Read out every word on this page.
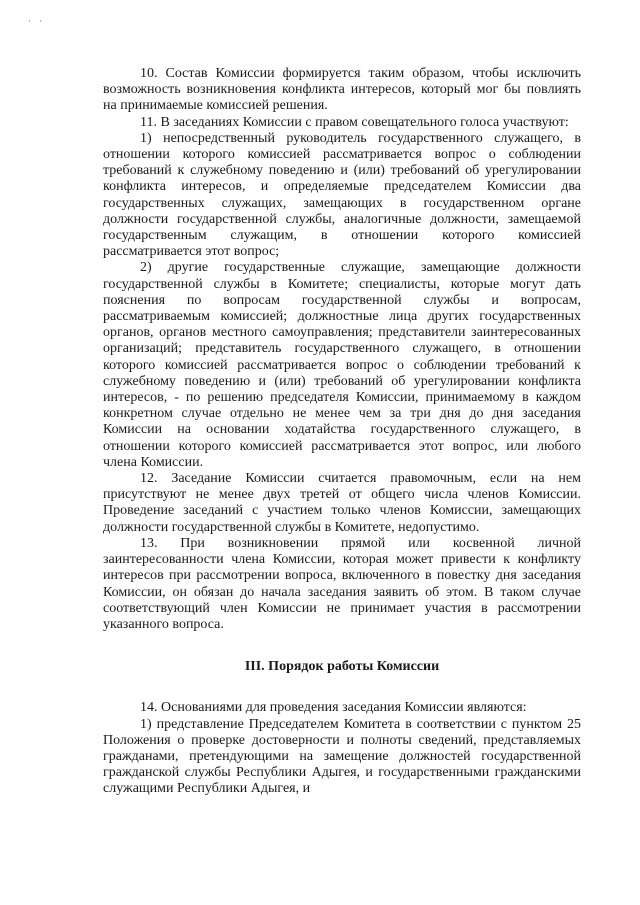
· ·

10. Состав Комиссии формируется таким образом, чтобы исключить возможность возникновения конфликта интересов, который мог бы повлиять на принимаемые комиссией решения.

11. В заседаниях Комиссии с правом совещательного голоса участвуют:

1) непосредственный руководитель государственного служащего, в отношении которого комиссией рассматривается вопрос о соблюдении требований к служебному поведению и (или) требований об урегулировании конфликта интересов, и определяемые председателем Комиссии два государственных служащих, замещающих в государственном органе должности государственной службы, аналогичные должности, замещаемой государственным служащим, в отношении которого комиссией рассматривается этот вопрос;

2) другие государственные служащие, замещающие должности государственной службы в Комитете; специалисты, которые могут дать пояснения по вопросам государственной службы и вопросам, рассматриваемым комиссией; должностные лица других государственных органов, органов местного самоуправления; представители заинтересованных организаций; представитель государственного служащего, в отношении которого комиссией рассматривается вопрос о соблюдении требований к служебному поведению и (или) требований об урегулировании конфликта интересов, - по решению председателя Комиссии, принимаемому в каждом конкретном случае отдельно не менее чем за три дня до дня заседания Комиссии на основании ходатайства государственного служащего, в отношении которого комиссией рассматривается этот вопрос, или любого члена Комиссии.

12. Заседание Комиссии считается правомочным, если на нем присутствуют не менее двух третей от общего числа членов Комиссии. Проведение заседаний с участием только членов Комиссии, замещающих должности государственной службы в Комитете, недопустимо.

13. При возникновении прямой или косвенной личной заинтересованности члена Комиссии, которая может привести к конфликту интересов при рассмотрении вопроса, включенного в повестку дня заседания Комиссии, он обязан до начала заседания заявить об этом. В таком случае соответствующий член Комиссии не принимает участия в рассмотрении указанного вопроса.

III. Порядок работы Комиссии

14. Основаниями для проведения заседания Комиссии являются:

1) представление Председателем Комитета в соответствии с пунктом 25 Положения о проверке достоверности и полноты сведений, представляемых гражданами, претендующими на замещение должностей государственной гражданской службы Республики Адыгея, и государственными гражданскими служащими Республики Адыгея, и
